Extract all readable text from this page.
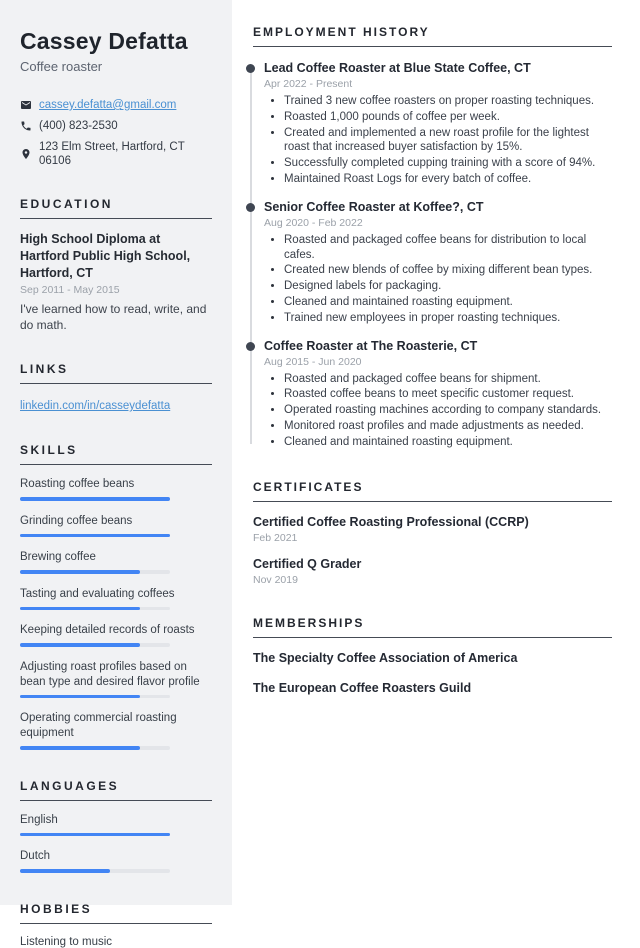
Cassey Defatta
Coffee roaster
cassey.defatta@gmail.com
(400) 823-2530
123 Elm Street, Hartford, CT 06106
EDUCATION
High School Diploma at Hartford Public High School, Hartford, CT
Sep 2011 - May 2015
I've learned how to read, write, and do math.
LINKS
linkedin.com/in/casseydefatta
SKILLS
Roasting coffee beans
Grinding coffee beans
Brewing coffee
Tasting and evaluating coffees
Keeping detailed records of roasts
Adjusting roast profiles based on bean type and desired flavor profile
Operating commercial roasting equipment
LANGUAGES
English
Dutch
HOBBIES
Listening to music
EMPLOYMENT HISTORY
Lead Coffee Roaster at Blue State Coffee, CT
Apr 2022 - Present
• Trained 3 new coffee roasters on proper roasting techniques.
• Roasted 1,000 pounds of coffee per week.
• Created and implemented a new roast profile for the lightest roast that increased buyer satisfaction by 15%.
• Successfully completed cupping training with a score of 94%.
• Maintained Roast Logs for every batch of coffee.
Senior Coffee Roaster at Koffee?, CT
Aug 2020 - Feb 2022
• Roasted and packaged coffee beans for distribution to local cafes.
• Created new blends of coffee by mixing different bean types.
• Designed labels for packaging.
• Cleaned and maintained roasting equipment.
• Trained new employees in proper roasting techniques.
Coffee Roaster at The Roasterie, CT
Aug 2015 - Jun 2020
• Roasted and packaged coffee beans for shipment.
• Roasted coffee beans to meet specific customer request.
• Operated roasting machines according to company standards.
• Monitored roast profiles and made adjustments as needed.
• Cleaned and maintained roasting equipment.
CERTIFICATES
Certified Coffee Roasting Professional (CCRP)
Feb 2021
Certified Q Grader
Nov 2019
MEMBERSHIPS
The Specialty Coffee Association of America
The European Coffee Roasters Guild
